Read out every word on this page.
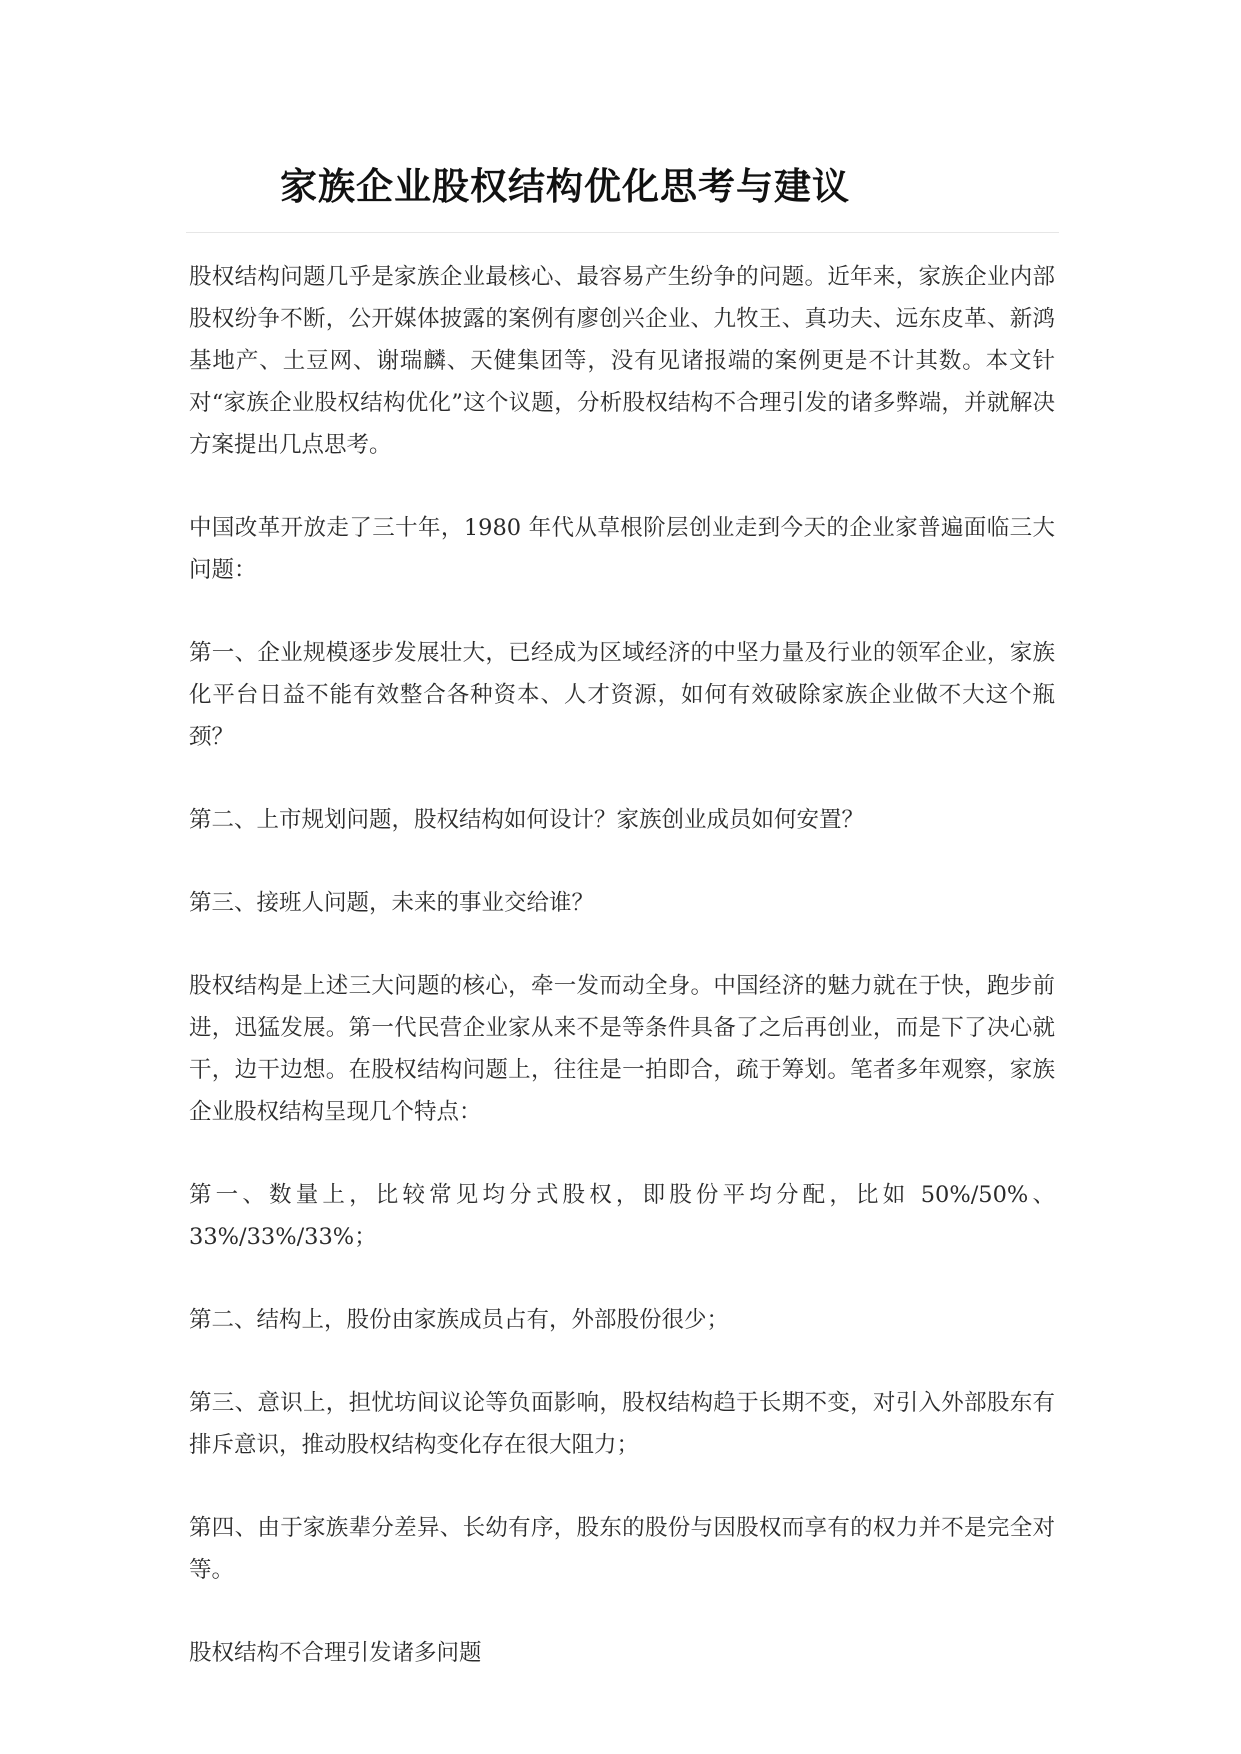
家族企业股权结构优化思考与建议

股权结构问题几乎是家族企业最核心、最容易产生纷争的问题。近年来，家族企业内部股权纷争不断，公开媒体披露的案例有廖创兴企业、九牧王、真功夫、远东皮革、新鸿基地产、土豆网、谢瑞麟、天健集团等，没有见诸报端的案例更是不计其数。本文针对“家族企业股权结构优化”这个议题，分析股权结构不合理引发的诸多弊端，并就解决方案提出几点思考。

中国改革开放走了三十年，1980 年代从草根阶层创业走到今天的企业家普遍面临三大问题：

第一、企业规模逐步发展壮大，已经成为区域经济的中坚力量及行业的领军企业，家族化平台日益不能有效整合各种资本、人才资源，如何有效破除家族企业做不大这个瓶颈？

第二、上市规划问题，股权结构如何设计？家族创业成员如何安置？

第三、接班人问题，未来的事业交给谁？

股权结构是上述三大问题的核心，牵一发而动全身。中国经济的魅力就在于快，跑步前进，迅猛发展。第一代民营企业家从来不是等条件具备了之后再创业，而是下了决心就干，边干边想。在股权结构问题上，往往是一拍即合，疏于筹划。笔者多年观察，家族企业股权结构呈现几个特点：

第一、数量上，比较常见均分式股权，即股份平均分配，比如 50%/50%、33%/33%/33%；

第二、结构上，股份由家族成员占有，外部股份很少；

第三、意识上，担忧坊间议论等负面影响，股权结构趋于长期不变，对引入外部股东有排斥意识，推动股权结构变化存在很大阻力；

第四、由于家族辈分差异、长幼有序，股东的股份与因股权而享有的权力并不是完全对等。

股权结构不合理引发诸多问题
